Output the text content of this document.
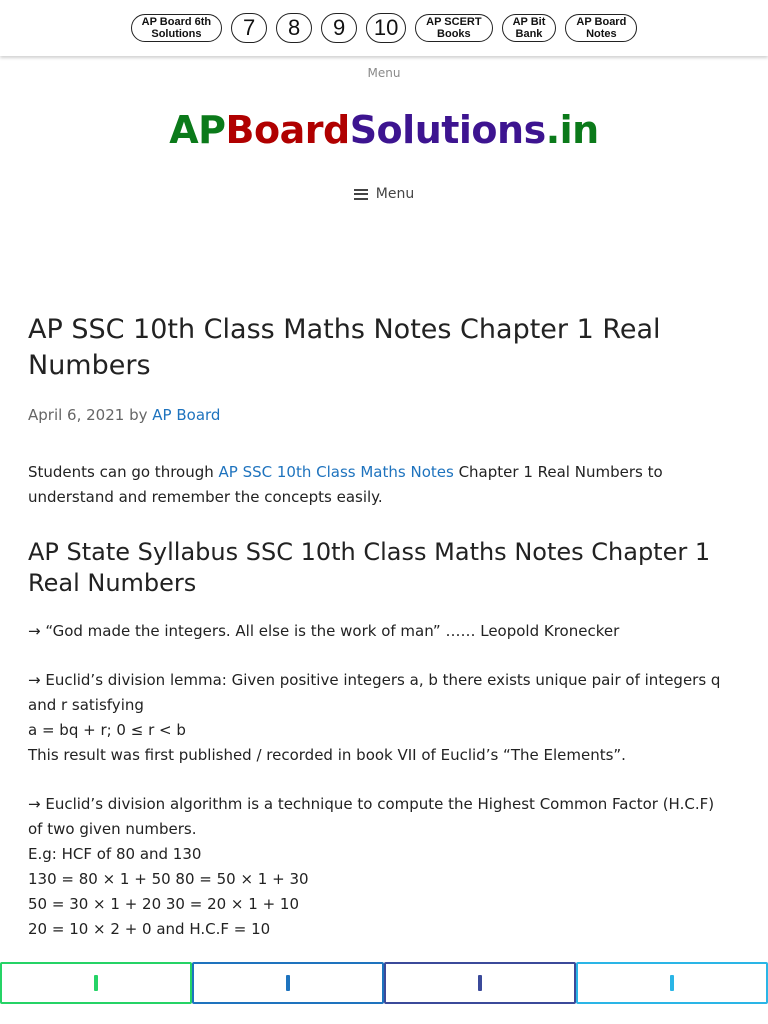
AP Board 6th
Solutions	7 8 9 10	AP SCERT
Books
AP Bit
Bank
AP Board
Notes
Menu
APBoardSolutions.in
Menu
AP SSC 10th Class Maths Notes Chapter 1 Real Numbers
April 6, 2021 by AP Board

Students can go through AP SSC 10th Class Maths Notes Chapter 1 Real Numbers to understand and remember the concepts easily.

AP State Syllabus SSC 10th Class Maths Notes Chapter 1 Real Numbers

→ “God made the integers. All else is the work of man” …… Leopold Kronecker

→ Euclid’s division lemma: Given positive integers a, b there exists unique pair of integers q and r satisfying

a = bq + r; 0 ≤ r < b

This result was first published / recorded in book VII of Euclid’s “The Elements”.

→ Euclid’s division algorithm is a technique to compute the Highest Common Factor (H.C.F) of two given numbers.

E.g: HCF of 80 and 130

130 = 80 × 1 + 50 80 = 50 × 1 + 30

50 = 30 × 1 + 20 30 = 20 × 1 + 10

20 = 10 × 2 + 0 and H.C.F = 10
